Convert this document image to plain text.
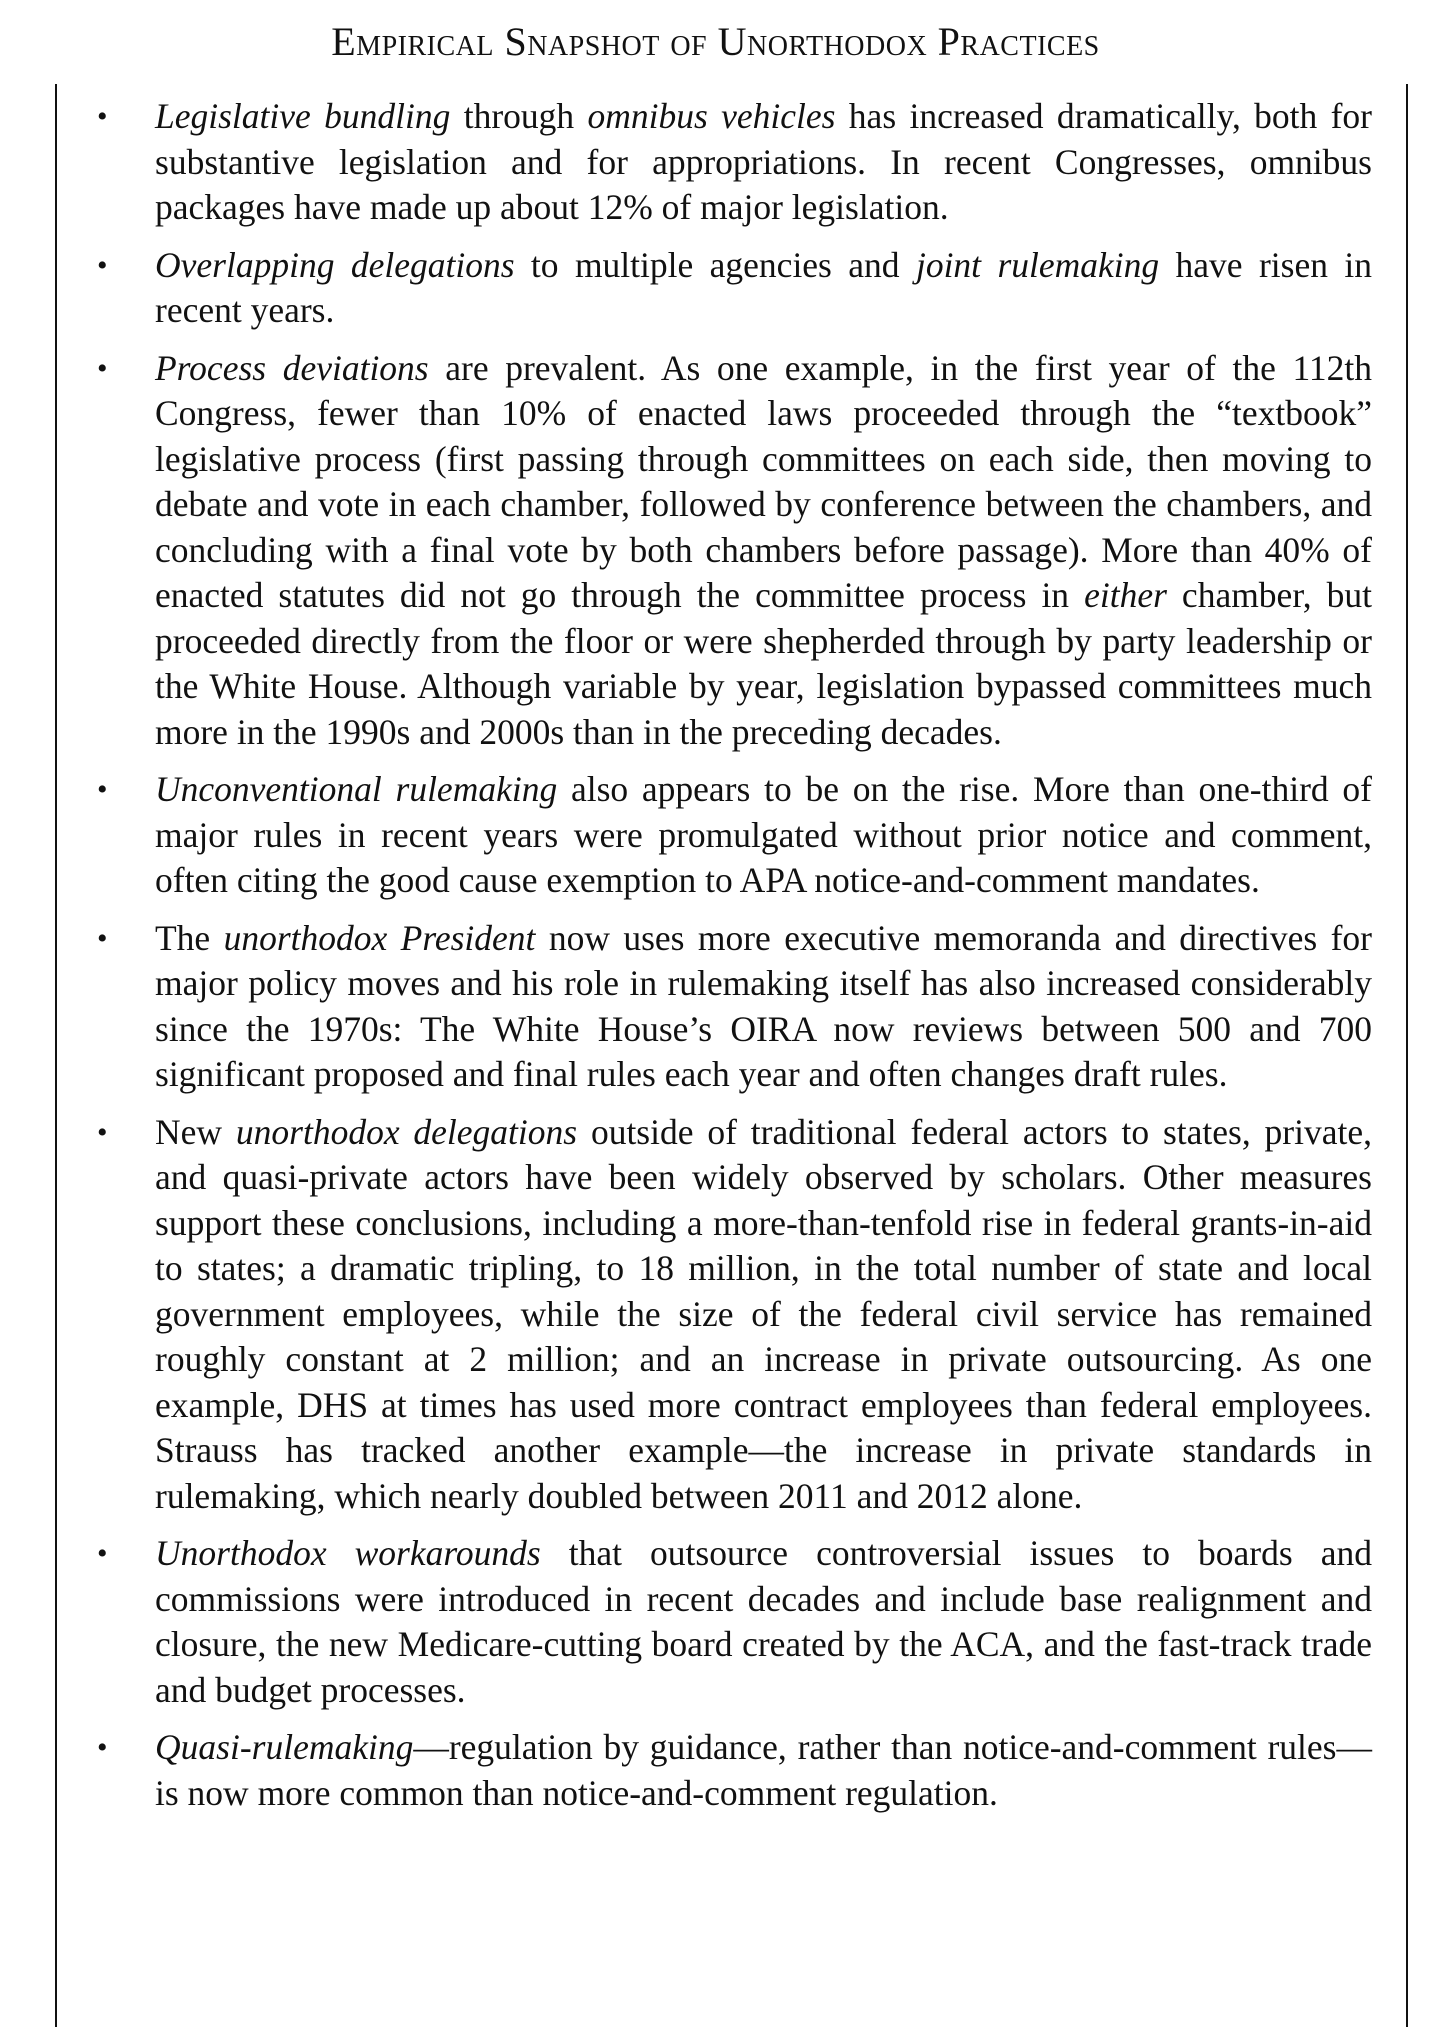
Empirical Snapshot of Unorthodox Practices
•	Legislative bundling through omnibus vehicles has increased dramatically, both for substantive legislation and for appropriations. In recent Congresses, omnibus packages have made up about 12% of major legislation.
•	Overlapping delegations to multiple agencies and joint rulemaking have risen in recent years.
•	Process deviations are prevalent. As one example, in the first year of the 112th Congress, fewer than 10% of enacted laws proceeded through the “textbook” legislative process (first passing through committees on each side, then moving to debate and vote in each chamber, followed by conference between the chambers, and concluding with a final vote by both chambers before passage). More than 40% of enacted statutes did not go through the committee process in either chamber, but proceeded directly from the floor or were shepherded through by party leadership or the White House. Although variable by year, legislation bypassed committees much more in the 1990s and 2000s than in the preceding decades.
•	Unconventional rulemaking also appears to be on the rise. More than one-third of major rules in recent years were promulgated without prior notice and comment, often citing the good cause exemption to APA notice-and-comment mandates.
•	The unorthodox President now uses more executive memoranda and directives for major policy moves and his role in rulemaking itself has also increased considerably since the 1970s: The White House’s OIRA now reviews between 500 and 700 significant proposed and final rules each year and often changes draft rules.
•	New unorthodox delegations outside of traditional federal actors to states, private, and quasi-private actors have been widely observed by scholars. Other measures support these conclusions, including a more-than-tenfold rise in federal grants-in-aid to states; a dramatic tripling, to 18 million, in the total number of state and local government employees, while the size of the federal civil service has remained roughly constant at 2 million; and an increase in private outsourcing. As one example, DHS at times has used more contract employees than federal employees. Strauss has tracked another example—the increase in private standards in rulemaking, which nearly doubled between 2011 and 2012 alone.
•	Unorthodox workarounds that outsource controversial issues to boards and commissions were introduced in recent decades and include base realignment and closure, the new Medicare-cutting board created by the ACA, and the fast-track trade and budget processes.
•	Quasi-rulemaking—regulation by guidance, rather than notice-and-comment rules—is now more common than notice-and-comment regulation.
